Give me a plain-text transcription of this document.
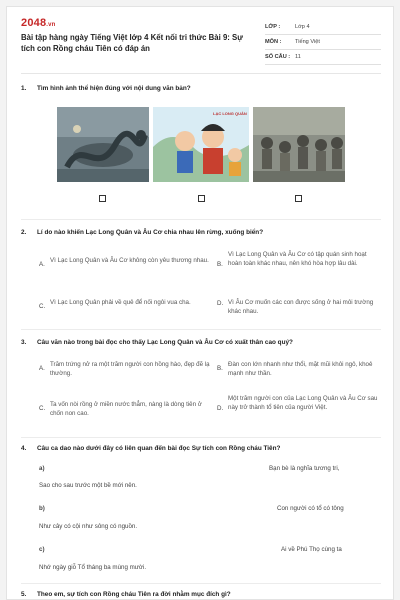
2048.vn
Bài tập hàng ngày Tiếng Việt lớp 4 Kết nối tri thức Bài 9: Sự tích con Rồng cháu Tiên có đáp án
LỚP :	Lớp 4
MÔN :	Tiếng Việt
SỐ CÂU : 11
1.	Tìm hình ảnh thể hiện đúng với nội dung văn bản?
LẠC LONG QUÂN
2.	Lí do nào khiến Lạc Long Quân và Âu Cơ chia nhau lên rừng, xuống biển?
A.
Vì Lạc Long Quân và Âu Cơ không còn yêu thương nhau.
B.
Vì Lạc Long Quân và Âu Cơ có tập quán sinh hoạt hoàn toàn khác nhau, nên khó hòa hợp lâu dài.
C.
Vì Lạc Long Quân phải về quê để nối ngôi vua cha.	D. Vì Âu Cơ muốn các con được sống ở hai môi trường khác nhau.
3.	Câu văn nào trong bài đọc cho thấy Lạc Long Quân và Âu Cơ có xuất thân cao quý?
A.
Trăm trứng nở ra một trăm người con hồng hào, đẹp đẽ lạ thường.
B.
Đàn con lớn nhanh như thổi, mặt mũi khôi ngô, khoẻ mạnh như thần.
C.
Ta vốn nòi rồng ở miền nước thẳm, nàng là dòng tiên ở chốn non cao.
D.
Một trăm người con của Lạc Long Quân và Âu Cơ sau này trở thành tổ tiên của người Việt.
4.	Câu ca dao nào dưới đây có liên quan đến bài đọc Sự tích con Rồng cháu Tiên?
a)	Bạn bè là nghĩa tương tri,
Sao cho sau trước một bề mới nên.
b)	Con người có tổ có tông
Như cây có cội như sông có nguồn.
c)	Ai về Phú Thọ cùng ta
Nhớ ngày giỗ Tổ tháng ba mùng mười.
5.	Theo em, sự tích con Rồng cháu Tiên ra đời nhằm mục đích gì?
